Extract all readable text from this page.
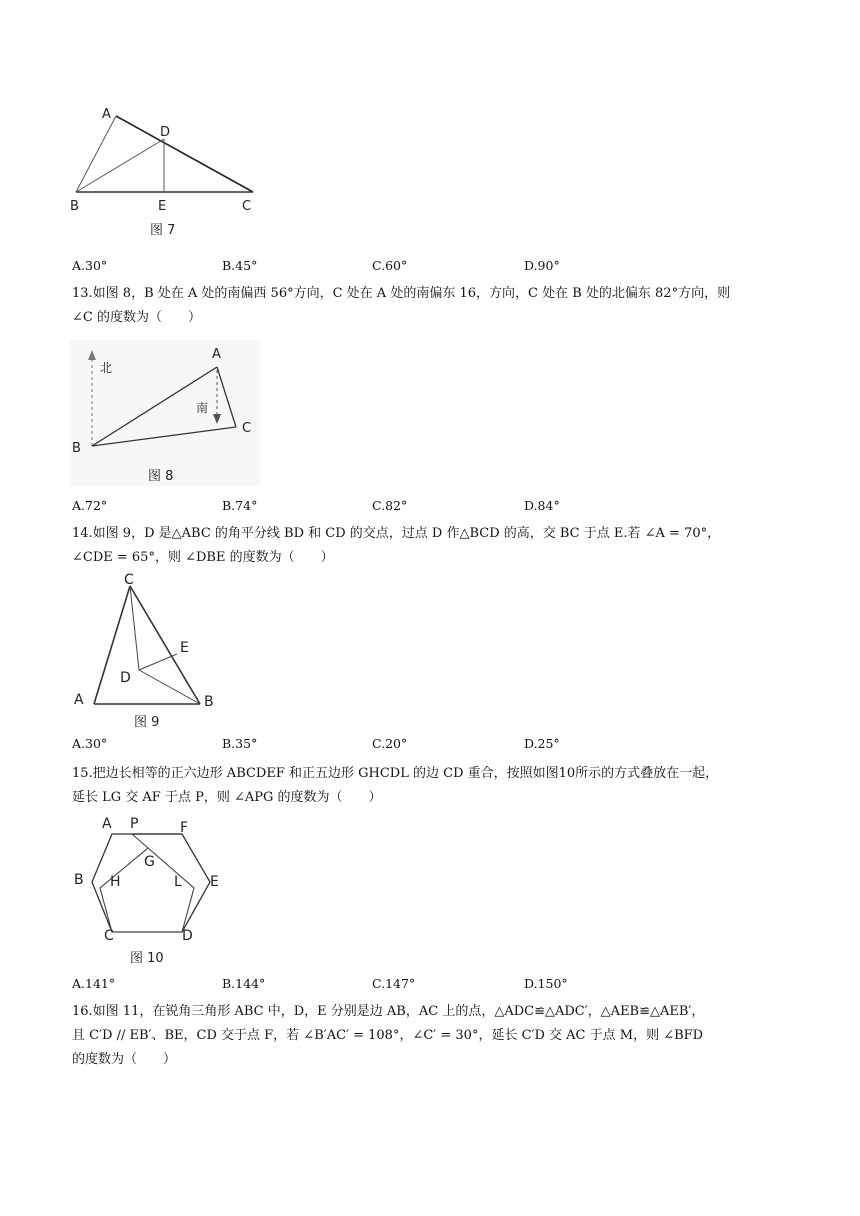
A
D
B	E	C
图 7
A.30°	B.45°	C.60°	D.90°
13.如图 8，B 处在 A 处的南偏西 56°方向，C 处在 A 处的南偏东 16，方向，C 处在 B 处的北偏东 82°方向，则
∠C 的度数为（　　）
北
南
A
B
C
图 8
A.72°	B.74°	C.82°	D.84°
14.如图 9，D 是△ABC 的角平分线 BD 和 CD 的交点，过点 D 作△BCD 的高，交 BC 于点 E.若 ∠A = 70°，
∠CDE = 65°，则 ∠DBE 的度数为（　　）
C
E
D
A	B
图 9
A.30°	B.35°	C.20°	D.25°
15.把边长相等的正六边形 ABCDEF 和正五边形 GHCDL 的边 CD 重合，按照如图10所示的方式叠放在一起，
延长 LG 交 AF 于点 P，则 ∠APG 的度数为（　　）
A P	F
G
B H	L E
C	D
图 10
A.141°	B.144°	C.147°	D.150°
16.如图 11，在锐角三角形 ABC 中，D，E 分别是边 AB，AC 上的点，△ADC≌△ADC′，△AEB≌△AEB′，
且 C′D // EB′、BE，CD 交于点 F，若 ∠B′AC′ = 108°，∠C′ = 30°，延长 C′D 交 AC 于点 M，则 ∠BFD
的度数为（　　）
